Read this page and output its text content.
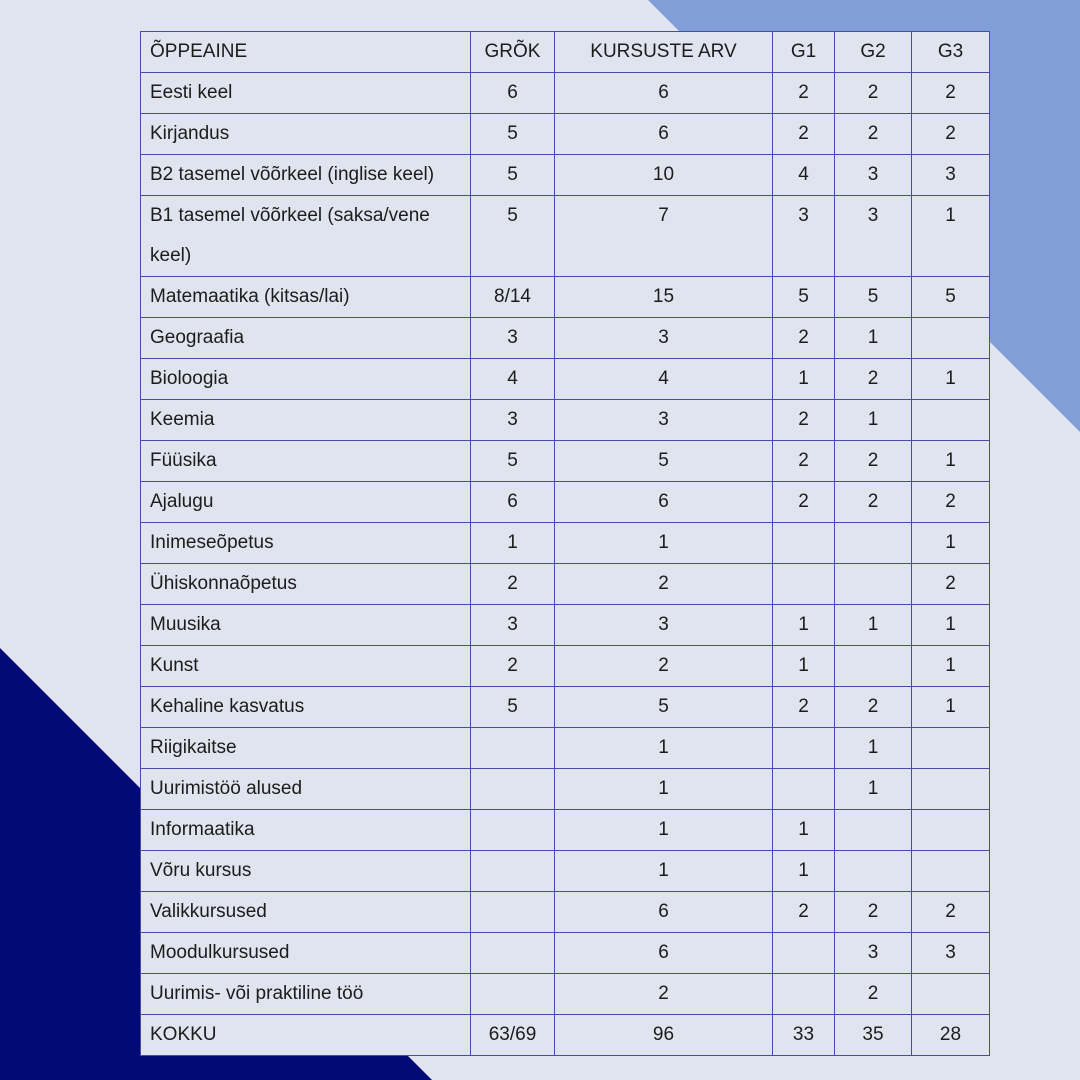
ÕPPEAINE	GRÕK	KURSUSTE ARV	G1	G2	G3
Eesti keel	6	6	2	2	2
Kirjandus	5	6	2	2	2
B2 tasemel võõrkeel (inglise keel)	5	10	4	3	3
B1 tasemel võõrkeel (saksa/vene keel)	5	7	3	3	1
Matemaatika (kitsas/lai)	8/14	15	5	5	5
Geograafia	3	3	2	1	
Bioloogia	4	4	1	2	1
Keemia	3	3	2	1	
Füüsika	5	5	2	2	1
Ajalugu	6	6	2	2	2
Inimeseõpetus	1	1			1
Ühiskonnaõpetus	2	2			2
Muusika	3	3	1	1	1
Kunst	2	2	1		1
Kehaline kasvatus	5	5	2	2	1
Riigikaitse		1		1	
Uurimistöö alused		1		1	
Informaatika		1	1		
Võru kursus		1	1		
Valikkursused		6	2	2	2
Moodulkursused		6		3	3
Uurimis- või praktiline töö		2		2	
KOKKU	63/69	96	33	35	28
